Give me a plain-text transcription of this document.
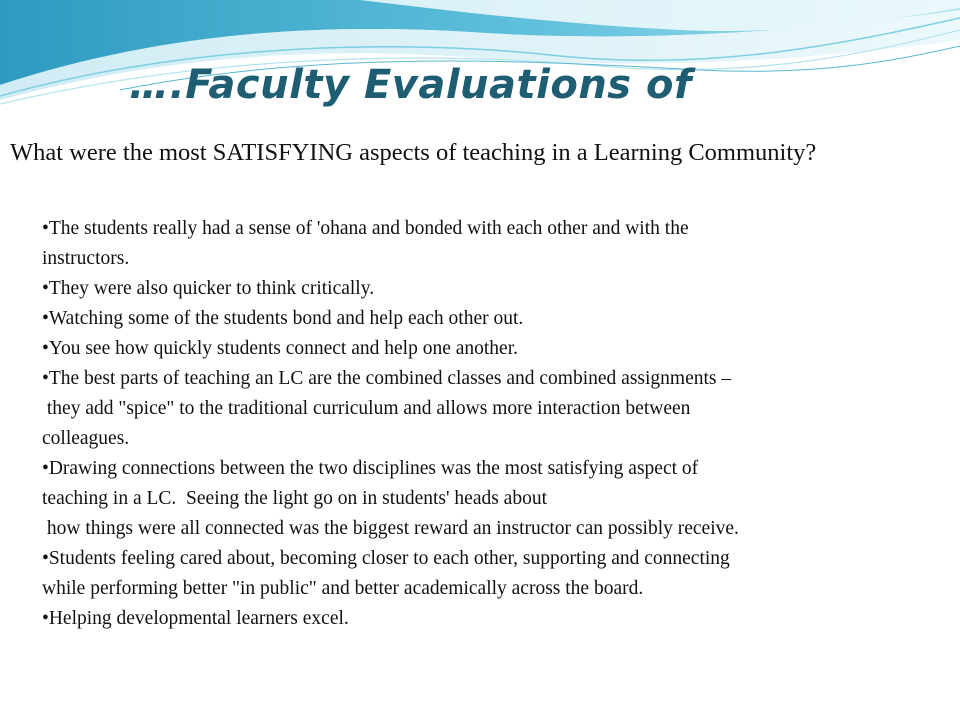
….Faculty Evaluations of

What were the most SATISFYING aspects of teaching in a Learning Community?

•The students really had a sense of 'ohana and bonded with each other and with the
instructors.
•They were also quicker to think critically.
•Watching some of the students bond and help each other out.
•You see how quickly students connect and help one another.
•The best parts of teaching an LC are the combined classes and combined assignments –
they add "spice" to the traditional curriculum and allows more interaction between
colleagues.
•Drawing connections between the two disciplines was the most satisfying aspect of
teaching in a LC.  Seeing the light go on in students' heads about
how things were all connected was the biggest reward an instructor can possibly receive.
•Students feeling cared about, becoming closer to each other, supporting and connecting
while performing better "in public" and better academically across the board.
•Helping developmental learners excel.
